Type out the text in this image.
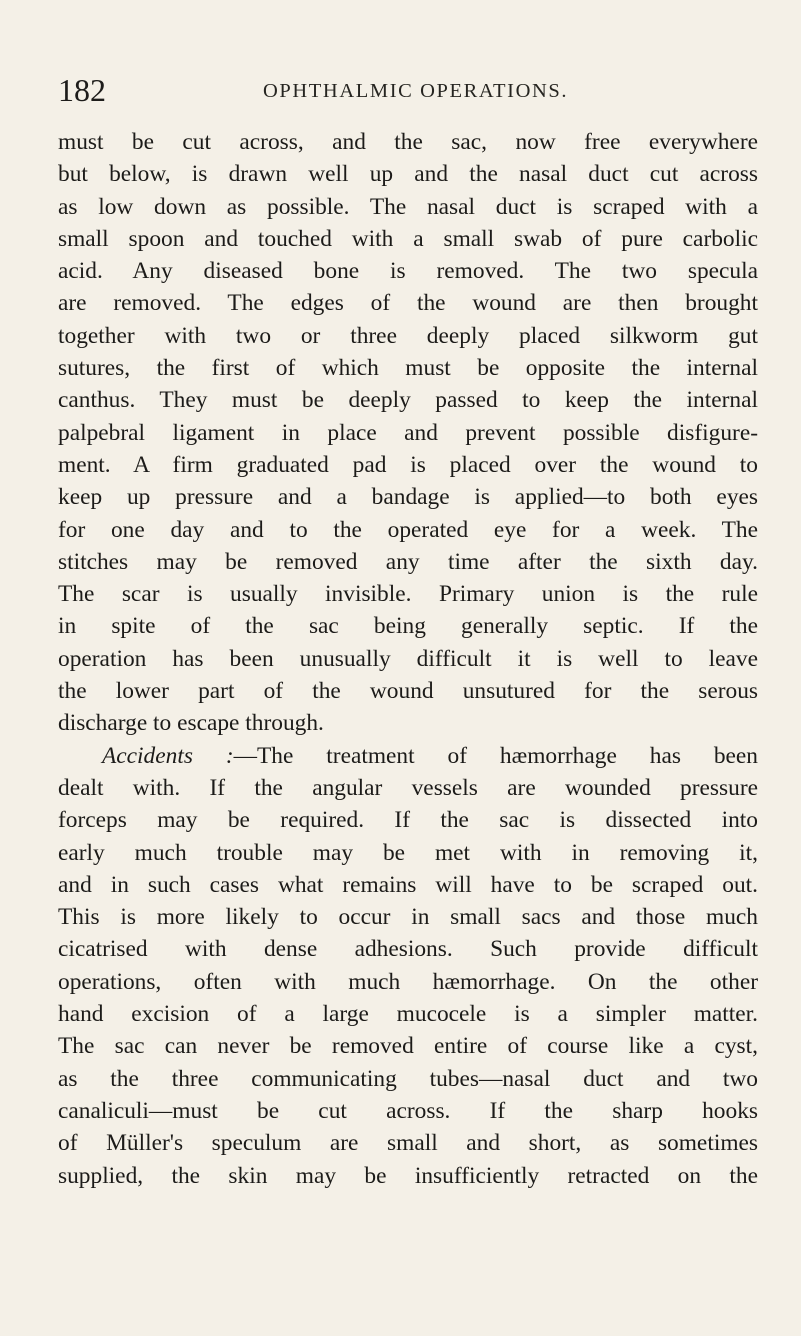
182	OPHTHALMIC OPERATIONS.
must be cut across, and the sac, now free everywhere
but below, is drawn well up and the nasal duct cut across
as low down as possible. The nasal duct is scraped with a
small spoon and touched with a small swab of pure carbolic
acid. Any diseased bone is removed. The two specula
are removed. The edges of the wound are then brought
together with two or three deeply placed silkworm gut
sutures, the first of which must be opposite the internal
canthus. They must be deeply passed to keep the internal
palpebral ligament in place and prevent possible disfigure-
ment. A firm graduated pad is placed over the wound to
keep up pressure and a bandage is applied—to both eyes
for one day and to the operated eye for a week. The
stitches may be removed any time after the sixth day.
The scar is usually invisible. Primary union is the rule
in spite of the sac being generally septic. If the
operation has been unusually difficult it is well to leave
the lower part of the wound unsutured for the serous
discharge to escape through.
Accidents :—The treatment of hæmorrhage has been
dealt with. If the angular vessels are wounded pressure
forceps may be required. If the sac is dissected into
early much trouble may be met with in removing it,
and in such cases what remains will have to be scraped out.
This is more likely to occur in small sacs and those much
cicatrised with dense adhesions. Such provide difficult
operations, often with much hæmorrhage. On the other
hand excision of a large mucocele is a simpler matter.
The sac can never be removed entire of course like a cyst,
as the three communicating tubes—nasal duct and two
canaliculi—must be cut across. If the sharp hooks
of Müller's speculum are small and short, as sometimes
supplied, the skin may be insufficiently retracted on the
